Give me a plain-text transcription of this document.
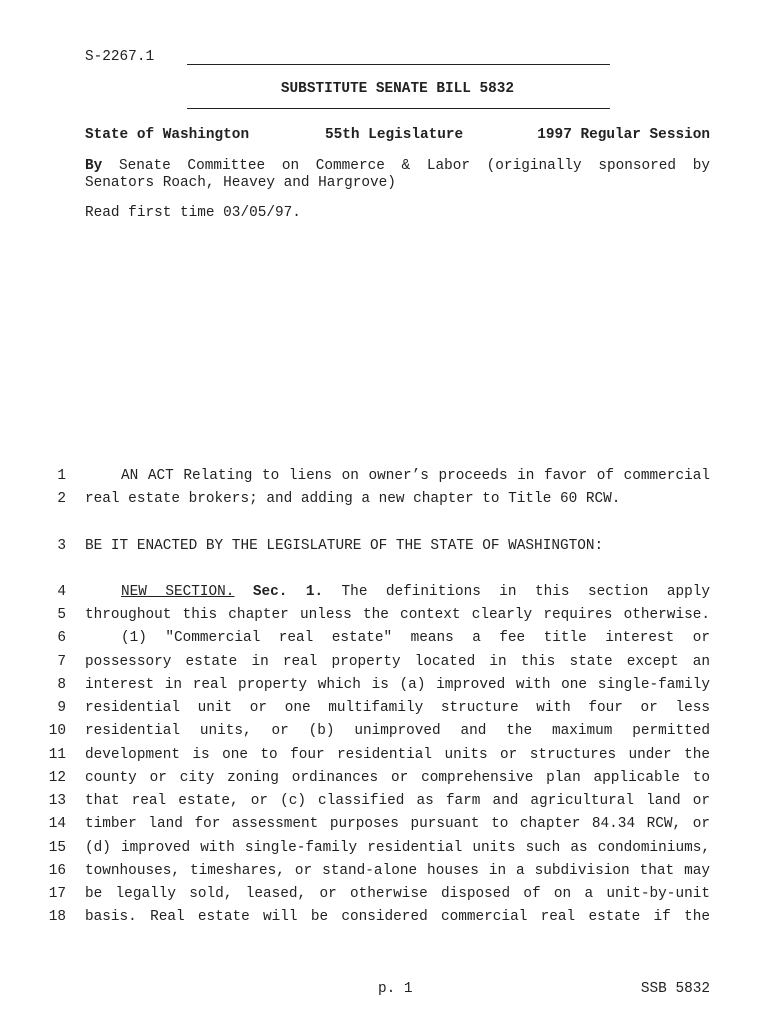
S-2267.1
SUBSTITUTE SENATE BILL 5832
State of Washington	55th Legislature	1997 Regular Session
By Senate Committee on Commerce & Labor (originally sponsored by
Senators Roach, Heavey and Hargrove)
Read first time 03/05/97.
1
2
3
4
5
6
7
8
9
10
11
12
13
14
15
16
17
18
AN ACT Relating to liens on owner’s proceeds in favor of commercial
real estate brokers; and adding a new chapter to Title 60 RCW.
BE IT ENACTED BY THE LEGISLATURE OF THE STATE OF WASHINGTON:
NEW SECTION. Sec. 1. The definitions in this section apply
throughout this chapter unless the context clearly requires otherwise.
(1) "Commercial real estate" means a fee title interest or
possessory estate in real property located in this state except an
interest in real property which is (a) improved with one single-family
residential unit or one multifamily structure with four or less
residential units, or (b) unimproved and the maximum permitted
development is one to four residential units or structures under the
county or city zoning ordinances or comprehensive plan applicable to
that real estate, or (c) classified as farm and agricultural land or
timber land for assessment purposes pursuant to chapter 84.34 RCW, or
(d) improved with single-family residential units such as condominiums,
townhouses, timeshares, or stand-alone houses in a subdivision that may
be legally sold, leased, or otherwise disposed of on a unit-by-unit
basis. Real estate will be considered commercial real estate if the
p. 1	SSB 5832
